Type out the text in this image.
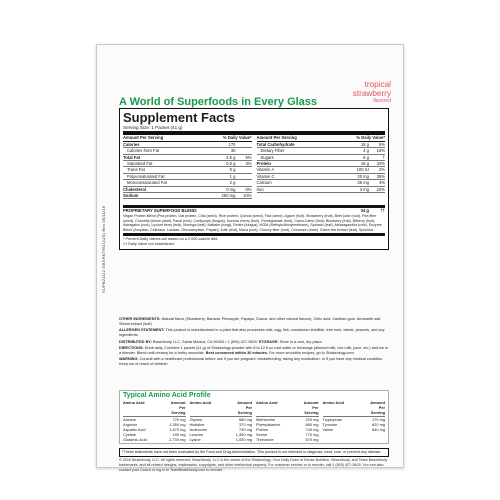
SUPB21112 GBSHKTRO1(US) Rev 05/11/16
tropical
strawberry
flavored
A World of Superfoods in Every Glass
Supplement Facts
Serving Size: 1 Packet (41 g)
Amount Per Serving	% Daily Value*
Calories	170
Calories from Fat	30
Total Fat	3.5 g	5%
Saturated Fat	0.5 g	3%
Trans Fat	0 g
Polyunsaturated Fat	1 g
Monounsaturated Fat	2 g
Cholesterol	0 mg	0%
Sodium	250 mg	10%
Amount Per Serving	% Daily Value*
Total Carbohydrate	15 g	5%
Dietary Fiber	4 g	16%
Sugars	8 g	†
Protein	16 g	32%
Vitamin A	100 IU	2%
Vitamin C	20 mg	35%
Calcium	35 mg	4%
Iron	3 mg	20%
PROPRIETARY SUPERFOOD BLEND:	34 g	††
Vegan Protein Blend (Pea protein, Oat protein, Chia (seed), Rice protein, Quinoa (seed), Flax (seed), Agave (fruit), Strawberry (fruit), Beet juice (root), Pea fiber (seed), Chlorella (whole plant), Pacai (root), Cordyceps (fungus), Acerola cherry (fruit), Pomegranate (fruit), Camu-Camu (fruit), Blueberry (fruit), Bilberry (fruit), Astragalus (root), Lycium berry (fruit), Moringa (leaf), Maitake (fungi), Reishi (fungus), MGM (Methylsulfonylmethane), Spinach (leaf), Ashwagandha (root), Enzyme Blend (Amylase, Cellulase, Lactase, Glucoamylase, Papain), Kale (leaf), Maca (root), Chicory fiber (root), Cinnamon (bark), Green tea extract (leaf), Spirulina.
* Percent Daily Values are based on a 2,000-calorie diet.
†† Daily Value not established.

OTHER INGREDIENTS: Natural flavor (Strawberry, Banana, Pineapple, Papaya, Guava, and other natural flavors), Citric acid, Xanthan gum, Amaranth salt, Stevia extract (leaf).

ALLERGEN STATEMENT: This product is manufactured in a plant that also processes milk, egg, fish, crustacean shellfish, tree nuts, wheat, peanuts, and soy ingredients.

DISTRIBUTED BY: Beachbody LLC, Santa Monica, CA 90404 • 1 (800) 427-3609. STORAGE: Store in a cool, dry place.

DIRECTIONS: Drink daily. Combine 1 packet (41 g) of Shakeology powder with 8 to 12 fl oz cold water or beverage (almond milk, rice milk, juice, etc.) and ice in a blender. Blend until creamy for a frothy smoothie. Best consumed within 30 minutes. For more smoothie recipes, go to Shakeology.com.

WARNING: Consult with a healthcare professional before use if you are pregnant, breastfeeding, taking any medication, or if you have any medical condition. Keep out of reach of children.

Typical Amino Acid Profile
Amino Acid	Amount Per Serving
Alanine	720 mg
Arginine	1,350 mg
Aspartic Acid	1,670 mg
Cystine	190 mg
Glutamic Acid	2,700 mg
Amino Acid	Amount Per Serving
Glycine	680 mg
Histidine	370 mg
Isoleucine	730 mg
Leucine	1,350 mg
Lysine	1,050 mg
Amino Acid	Amount Per Serving
Methionine	220 mg
Phenylalanine	880 mg
Proline	740 mg
Serine	770 mg
Threonine	570 mg
Amino Acid	Amount Per Serving
Tryptophan	170 mg
Tyrosine	620 mg
Valine	840 mg
*These statements have not been evaluated by the Food and Drug Administration. This product is not intended to diagnose, treat, cure, or prevent any disease.
© 2016 Beachbody, LLC. All rights reserved. Beachbody, LLC is the owner of the Shakeology, Your Daily Dose of Dense Nutrition, Beachbody, and Team Beachbody trademarks, and all related designs, trademarks, copyrights, and other intellectual property. For customer service or to reorder, call 1 (800) 427-3609. You can also contact your Coach or log in to TeamBeachbody.com to reorder.
